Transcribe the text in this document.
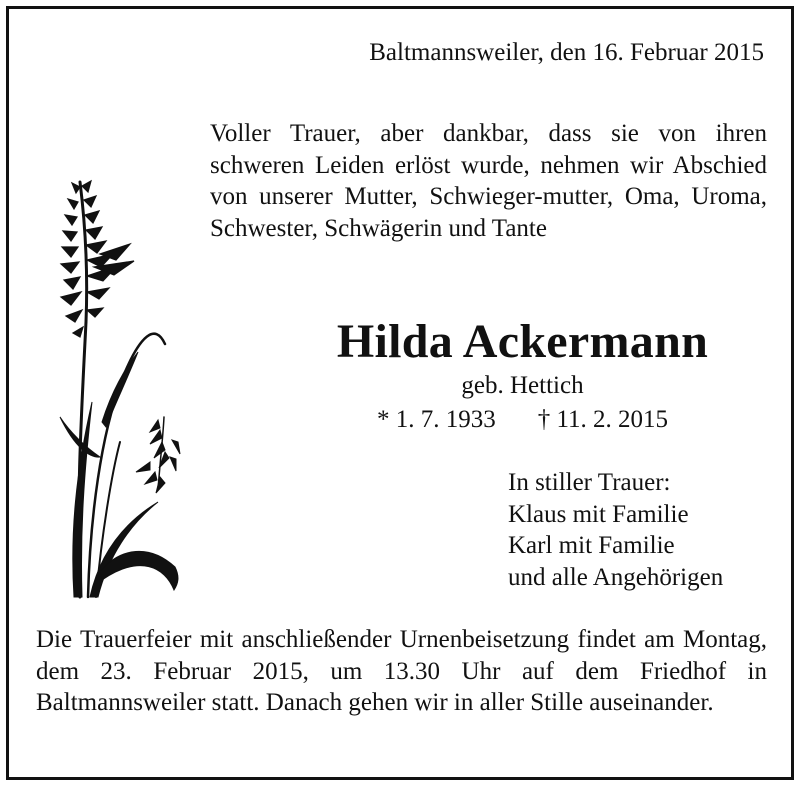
Baltmannsweiler, den 16. Februar 2015

Voller Trauer, aber dankbar, dass sie von ihren schweren Leiden erlöst wurde, nehmen wir Abschied von unserer Mutter, Schwieger-mutter, Oma, Uroma, Schwester, Schwägerin und Tante

Hilda Ackermann
geb. Hettich
* 1. 7. 1933 † 11. 2. 2015
In stiller Trauer:
Klaus mit Familie
Karl mit Familie
und alle Angehörigen

Die Trauerfeier mit anschließender Urnenbeisetzung findet am Montag, dem 23. Februar 2015, um 13.30 Uhr auf dem Friedhof in Baltmannsweiler statt. Danach gehen wir in aller Stille auseinander.
